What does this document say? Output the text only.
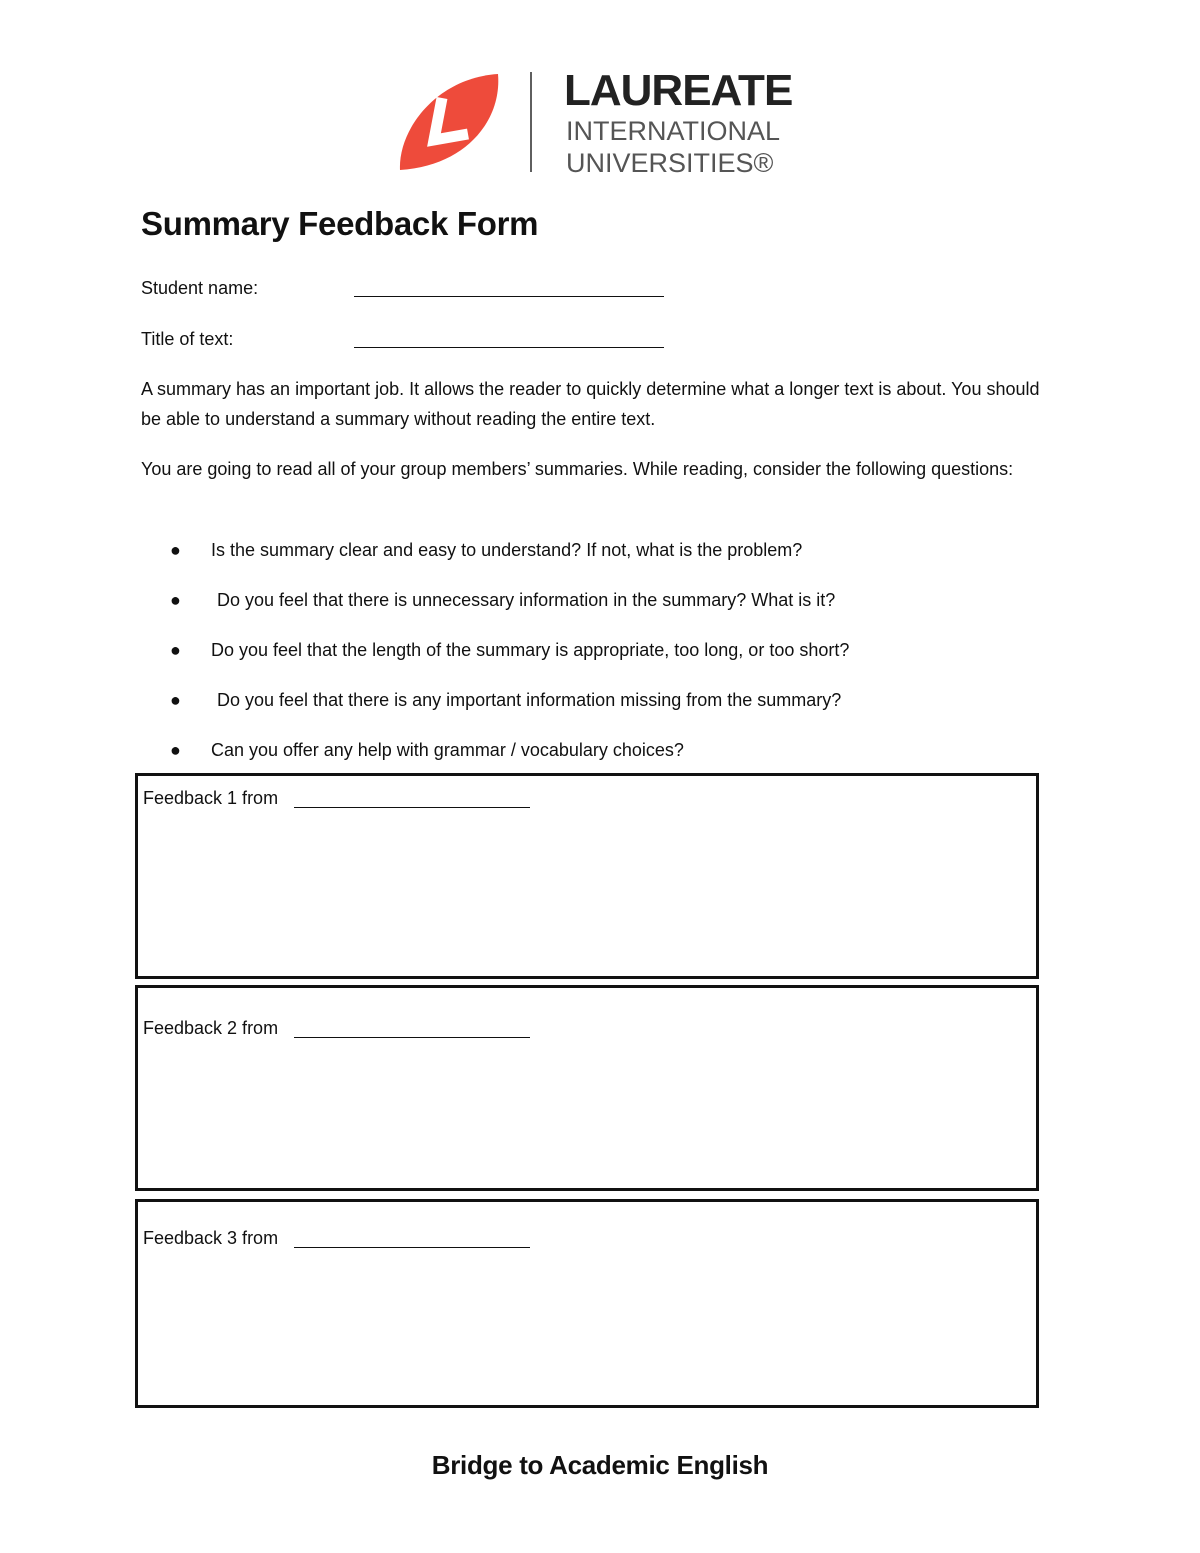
LAUREATE
INTERNATIONAL
UNIVERSITIES®
Summary Feedback Form
Student name:
Title of text:
A summary has an important job. It allows the reader to quickly determine what a longer text is about. You should be able to understand a summary without reading the entire text.
You are going to read all of your group members’ summaries. While reading, consider the following questions:
●	Is the summary clear and easy to understand? If not, what is the problem?
●	Do you feel that there is unnecessary information in the summary? What is it?
●	Do you feel that the length of the summary is appropriate, too long, or too short?
●	Do you feel that there is any important information missing from the summary?
●	Can you offer any help with grammar / vocabulary choices?
Feedback 1 from
Feedback 2 from
Feedback 3 from
Bridge to Academic English
